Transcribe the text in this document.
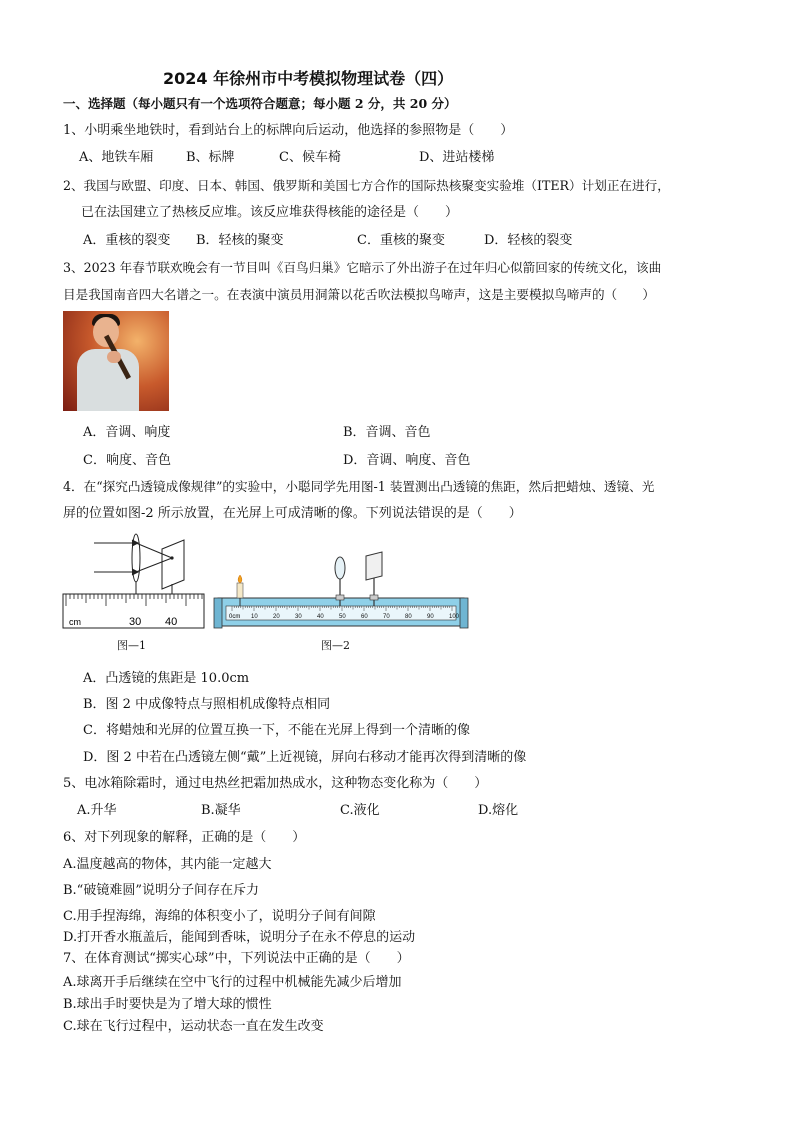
2024 年徐州市中考模拟物理试卷（四）
一、选择题（每小题只有一个选项符合题意；每小题 2 分，共 20 分）
1、小明乘坐地铁时，看到站台上的标牌向后运动，他选择的参照物是（　　）
A、地铁车厢	B、标牌	C、候车椅	D、进站楼梯
2、我国与欧盟、印度、日本、韩国、俄罗斯和美国七方合作的国际热核聚变实验堆（ITER）计划正在进行，
已在法国建立了热核反应堆。该反应堆获得核能的途径是（　　）
A．重核的裂变 B．轻核的聚变	C．重核的聚变	D．轻核的裂变
3、2023 年春节联欢晚会有一节目叫《百鸟归巢》它暗示了外出游子在过年归心似箭回家的传统文化，该曲
目是我国南音四大名谱之一。在表演中演员用洞箫以花舌吹法模拟鸟啼声，这是主要模拟鸟啼声的（　　）
A．音调、响度	B．音调、音色
C．响度、音色	D．音调、响度、音色
4．在“探究凸透镜成像规律”的实验中，小聪同学先用图-1 装置测出凸透镜的焦距，然后把蜡烛、透镜、光
屏的位置如图-2 所示放置，在光屏上可成清晰的像。下列说法错误的是（　　）
cm	30 40
图—1
0cm 10	20	30	40	50	60	70	80	90	100
图—2
A．凸透镜的焦距是 10.0cm
B．图 2 中成像特点与照相机成像特点相同
C．将蜡烛和光屏的位置互换一下，不能在光屏上得到一个清晰的像
D．图 2 中若在凸透镜左侧“戴”上近视镜，屏向右移动才能再次得到清晰的像
5、电冰箱除霜时，通过电热丝把霜加热成水，这种物态变化称为（　　）
A.升华	B.凝华	C.液化	D.熔化
6、对下列现象的解释，正确的是（　　）
A.温度越高的物体，其内能一定越大
B.“破镜难圆”说明分子间存在斥力
C.用手捏海绵，海绵的体积变小了，说明分子间有间隙
D.打开香水瓶盖后，能闻到香味，说明分子在永不停息的运动
7、在体育测试“掷实心球”中，下列说法中正确的是（　　）
A.球离开手后继续在空中飞行的过程中机械能先减少后增加
B.球出手时要快是为了增大球的惯性
C.球在飞行过程中，运动状态一直在发生改变
